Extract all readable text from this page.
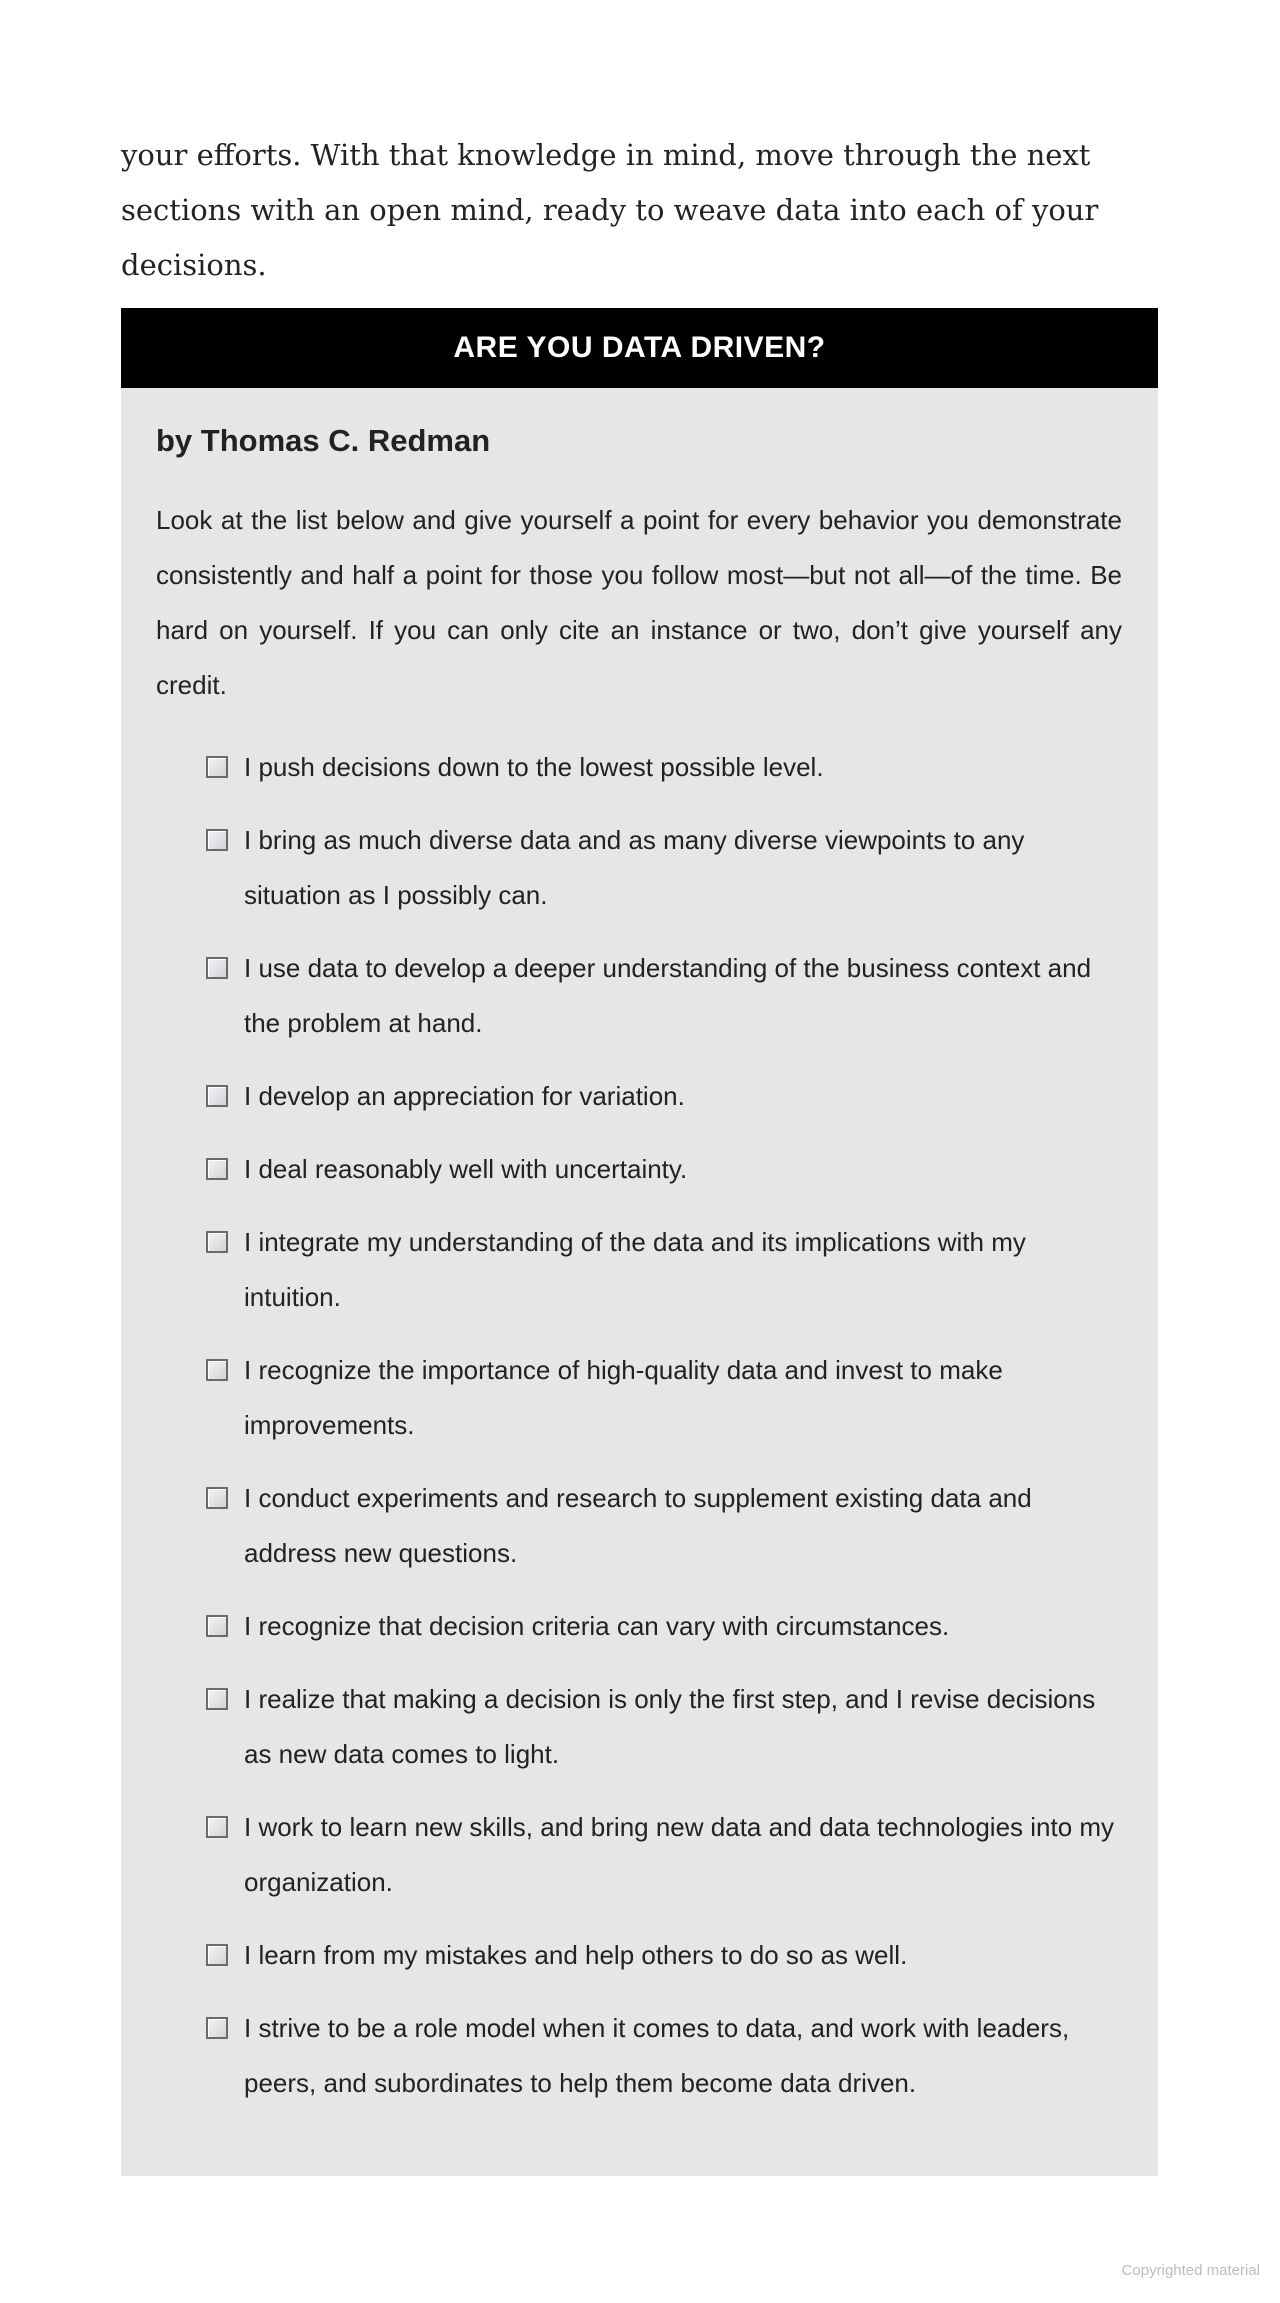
your efforts. With that knowledge in mind, move through the next sections with an open mind, ready to weave data into each of your decisions.

ARE YOU DATA DRIVEN?
by Thomas C. Redman

Look at the list below and give yourself a point for every behavior you demonstrate consistently and half a point for those you follow most—but not all—of the time. Be hard on yourself. If you can only cite an instance or two, don’t give yourself any credit.

I push decisions down to the lowest possible level.
I bring as much diverse data and as many diverse viewpoints to any situation as I possibly can.
I use data to develop a deeper understanding of the business context and the problem at hand.
I develop an appreciation for variation.
I deal reasonably well with uncertainty.
I integrate my understanding of the data and its implications with my intuition.
I recognize the importance of high-quality data and invest to make improvements.
I conduct experiments and research to supplement existing data and address new questions.
I recognize that decision criteria can vary with circumstances.
I realize that making a decision is only the first step, and I revise decisions as new data comes to light.
I work to learn new skills, and bring new data and data technologies into my organization.
I learn from my mistakes and help others to do so as well.
I strive to be a role model when it comes to data, and work with leaders, peers, and subordinates to help them become data driven.
Copyrighted material
